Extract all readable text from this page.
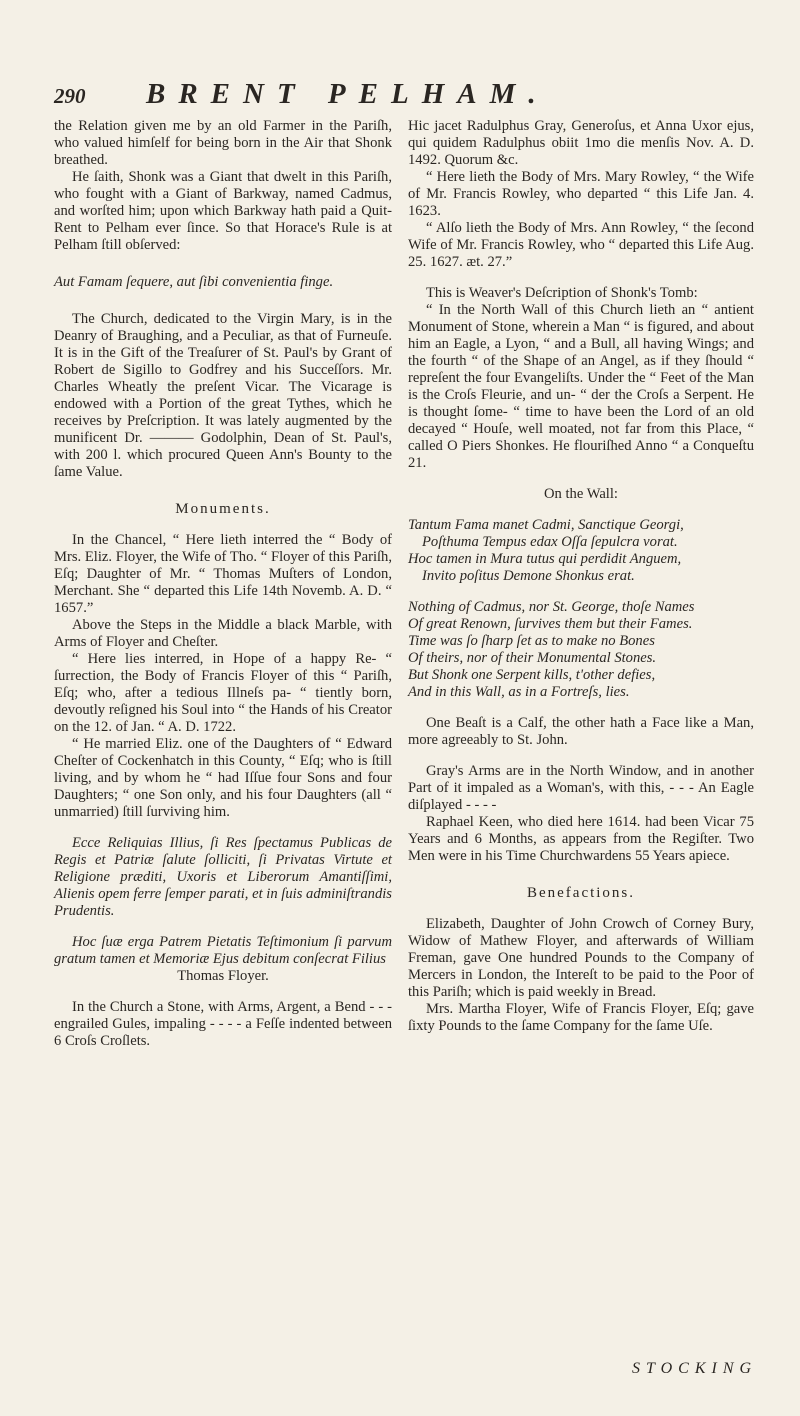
290 BRENT PELHAM.

the Relation given me by an old Farmer in the Pariſh, who valued himſelf for being born in the Air that Shonk breathed.

He ſaith, Shonk was a Giant that dwelt in this Pariſh, who fought with a Giant of Barkway, named Cadmus, and worſted him; upon which Barkway hath paid a Quit-Rent to Pelham ever ſince. So that Horace's Rule is at Pelham ſtill obſerved:

Aut Famam ſequere, aut ſibi convenientia finge.

The Church, dedicated to the Virgin Mary, is in the Deanry of Braughing, and a Peculiar, as that of Furneuſe. It is in the Gift of the Treaſurer of St. Paul's by Grant of Robert de Sigillo to Godfrey and his Succeſſors. Mr. Charles Wheatly the preſent Vicar. The Vicarage is endowed with a Portion of the great Tythes, which he receives by Preſcription. It was lately augmented by the munificent Dr. ——— Godolphin, Dean of St. Paul's, with 200 l. which procured Queen Ann's Bounty to the ſame Value.

Monuments.

In the Chancel, “ Here lieth interred the “ Body of Mrs. Eliz. Floyer, the Wife of Tho. “ Floyer of this Pariſh, Eſq; Daughter of Mr. “ Thomas Muſters of London, Merchant. She “ departed this Life 14th Novemb. A. D. “ 1657.”

Above the Steps in the Middle a black Marble, with Arms of Floyer and Cheſter.

“ Here lies interred, in Hope of a happy Re- “ ſurrection, the Body of Francis Floyer of this “ Pariſh, Eſq; who, after a tedious Illneſs pa- “ tiently born, devoutly reſigned his Soul into “ the Hands of his Creator on the 12. of Jan. “ A. D. 1722.

“ He married Eliz. one of the Daughters of “ Edward Cheſter of Cockenhatch in this County, “ Eſq; who is ſtill living, and by whom he “ had Iſſue four Sons and four Daughters; “ one Son only, and his four Daughters (all “ unmarried) ſtill ſurviving him.

Ecce Reliquias Illius, ſi Res ſpectamus Publicas de Regis et Patriæ ſalute ſolliciti, ſi Privatas Virtute et Religione præditi, Uxoris et Liberorum Amantiſſimi, Alienis opem ferre ſemper parati, et in ſuis adminiſtrandis Prudentis.

Hoc ſuæ erga Patrem Pietatis Teſtimonium ſi parvum gratum tamen et Memoriæ Ejus debitum conſecrat Filius

Thomas Floyer.

In the Church a Stone, with Arms, Argent, a Bend - - - engrailed Gules, impaling - - - - a Feſſe indented between 6 Croſs Croſlets.

Hic jacet Radulphus Gray, Generoſus, et Anna Uxor ejus, qui quidem Radulphus obiit 1mo die menſis Nov. A. D. 1492. Quorum &c.

“ Here lieth the Body of Mrs. Mary Rowley, “ the Wife of Mr. Francis Rowley, who departed “ this Life Jan. 4. 1623.

“ Alſo lieth the Body of Mrs. Ann Rowley, “ the ſecond Wife of Mr. Francis Rowley, who “ departed this Life Aug. 25. 1627. æt. 27.”

This is Weaver's Deſcription of Shonk's Tomb:

“ In the North Wall of this Church lieth an “ antient Monument of Stone, wherein a Man “ is figured, and about him an Eagle, a Lyon, “ and a Bull, all having Wings; and the fourth “ of the Shape of an Angel, as if they ſhould “ repreſent the four Evangeliſts. Under the “ Feet of the Man is the Croſs Fleurie, and un- “ der the Croſs a Serpent. He is thought ſome- “ time to have been the Lord of an old decayed “ Houſe, well moated, not far from this Place, “ called O Piers Shonkes. He flouriſhed Anno “ a Conqueſtu 21.

On the Wall:

Tantum Fama manet Cadmi, Sanctique Georgi,

Poſthuma Tempus edax Oſſa ſepulcra vorat.

Hoc tamen in Mura tutus qui perdidit Anguem,

Invito poſitus Demone Shonkus erat.

Nothing of Cadmus, nor St. George, thoſe Names

Of great Renown, ſurvives them but their Fames.

Time was ſo ſharp ſet as to make no Bones

Of theirs, nor of their Monumental Stones.

But Shonk one Serpent kills, t'other defies,

And in this Wall, as in a Fortreſs, lies.

One Beaſt is a Calf, the other hath a Face like a Man, more agreeably to St. John.

Gray's Arms are in the North Window, and in another Part of it impaled as a Woman's, with this, - - - An Eagle diſplayed - - - -

Raphael Keen, who died here 1614. had been Vicar 75 Years and 6 Months, as appears from the Regiſter. Two Men were in his Time Churchwardens 55 Years apiece.

Benefactions.

Elizabeth, Daughter of John Crowch of Corney Bury, Widow of Mathew Floyer, and afterwards of William Freman, gave One hundred Pounds to the Company of Mercers in London, the Intereſt to be paid to the Poor of this Pariſh; which is paid weekly in Bread.

Mrs. Martha Floyer, Wife of Francis Floyer, Eſq; gave ſixty Pounds to the ſame Company for the ſame Uſe.

STOCKING
